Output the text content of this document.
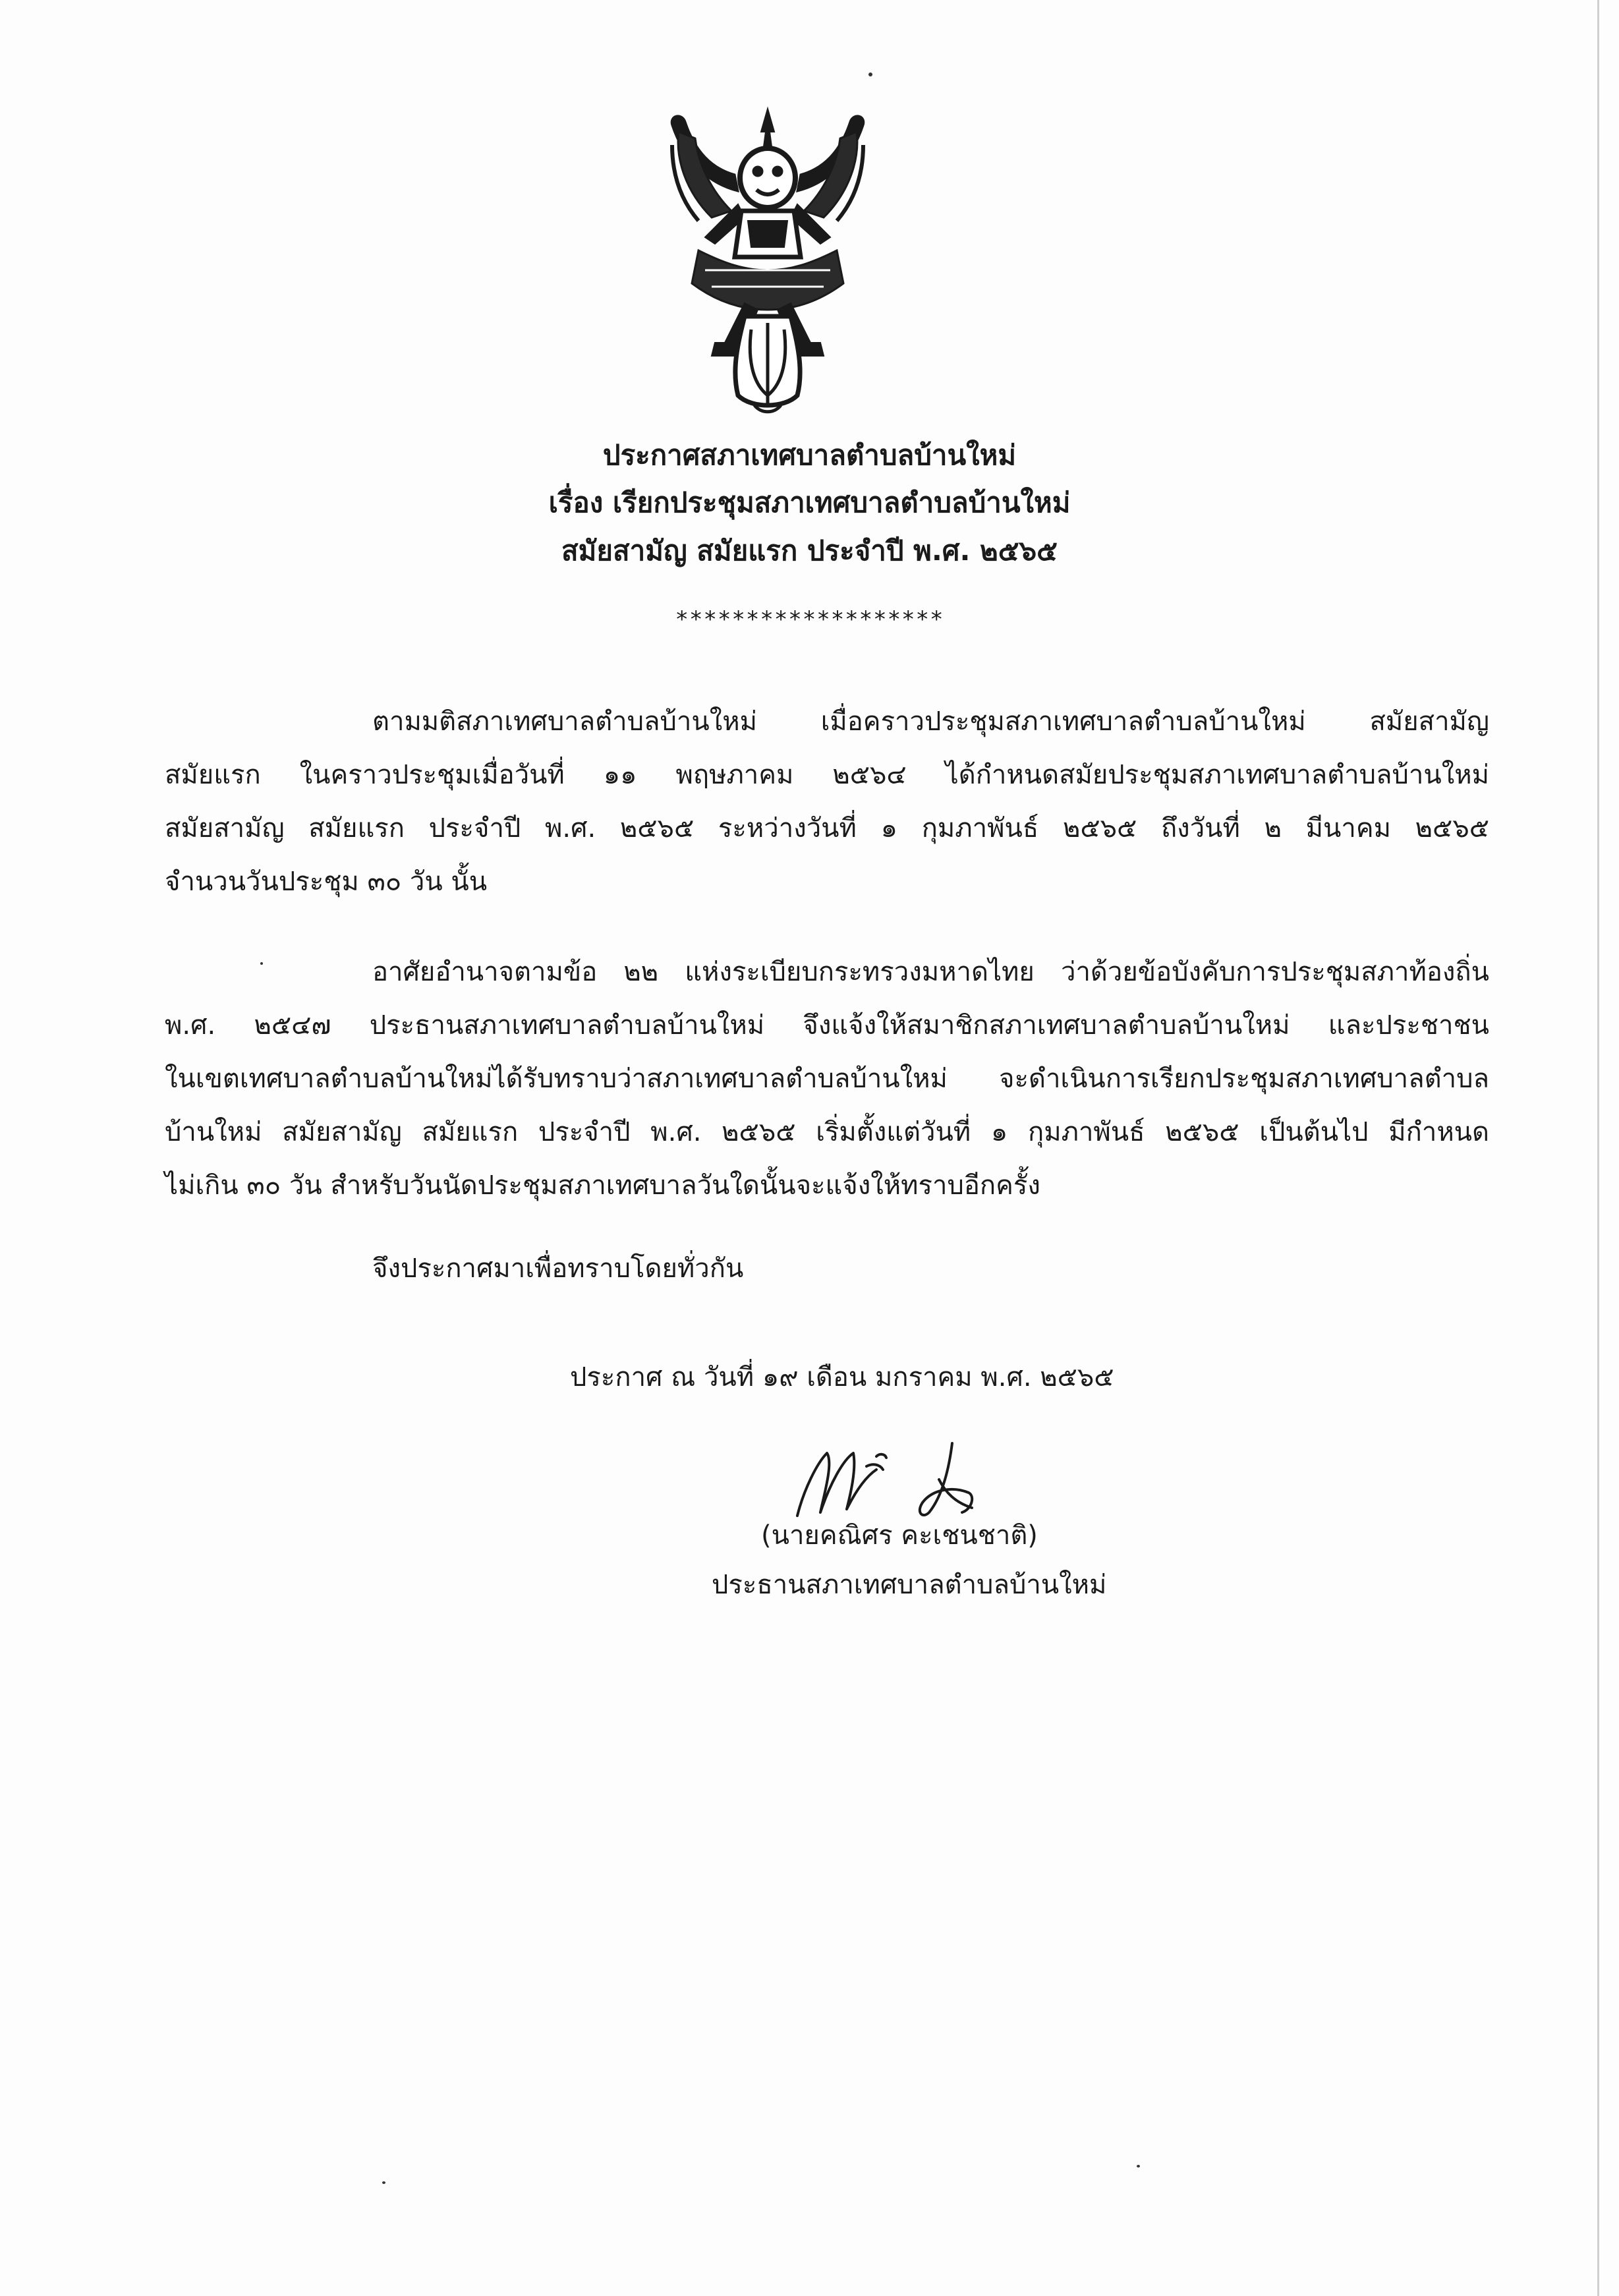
ประกาศสภาเทศบาลตำบลบ้านใหม่
เรื่อง เรียกประชุมสภาเทศบาลตำบลบ้านใหม่
สมัยสามัญ สมัยแรก ประจำปี พ.ศ. ๒๕๖๕
*******************
ตามมติสภาเทศบาลตำบลบ้านใหม่ เมื่อคราวประชุมสภาเทศบาลตำบลบ้านใหม่ สมัยสามัญ
สมัยแรก ในคราวประชุมเมื่อวันที่ ๑๑ พฤษภาคม ๒๕๖๔ ได้กำหนดสมัยประชุมสภาเทศบาลตำบลบ้านใหม่
สมัยสามัญ สมัยแรก ประจำปี พ.ศ. ๒๕๖๕ ระหว่างวันที่ ๑ กุมภาพันธ์ ๒๕๖๕ ถึงวันที่ ๒ มีนาคม ๒๕๖๕
จำนวนวันประชุม ๓๐ วัน นั้น
อาศัยอำนาจตามข้อ ๒๒ แห่งระเบียบกระทรวงมหาดไทย ว่าด้วยข้อบังคับการประชุมสภาท้องถิ่น
พ.ศ. ๒๕๔๗ ประธานสภาเทศบาลตำบลบ้านใหม่ จึงแจ้งให้สมาชิกสภาเทศบาลตำบลบ้านใหม่ และประชาชน
ในเขตเทศบาลตำบลบ้านใหม่ได้รับทราบว่าสภาเทศบาลตำบลบ้านใหม่ จะดำเนินการเรียกประชุมสภาเทศบาลตำบล
บ้านใหม่ สมัยสามัญ สมัยแรก ประจำปี พ.ศ. ๒๕๖๕ เริ่มตั้งแต่วันที่ ๑ กุมภาพันธ์ ๒๕๖๕ เป็นต้นไป มีกำหนด
ไม่เกิน ๓๐ วัน สำหรับวันนัดประชุมสภาเทศบาลวันใดนั้นจะแจ้งให้ทราบอีกครั้ง
จึงประกาศมาเพื่อทราบโดยทั่วกัน
ประกาศ ณ วันที่ ๑๙ เดือน มกราคม พ.ศ. ๒๕๖๕
(นายคณิศร คะเชนชาติ)
ประธานสภาเทศบาลตำบลบ้านใหม่
